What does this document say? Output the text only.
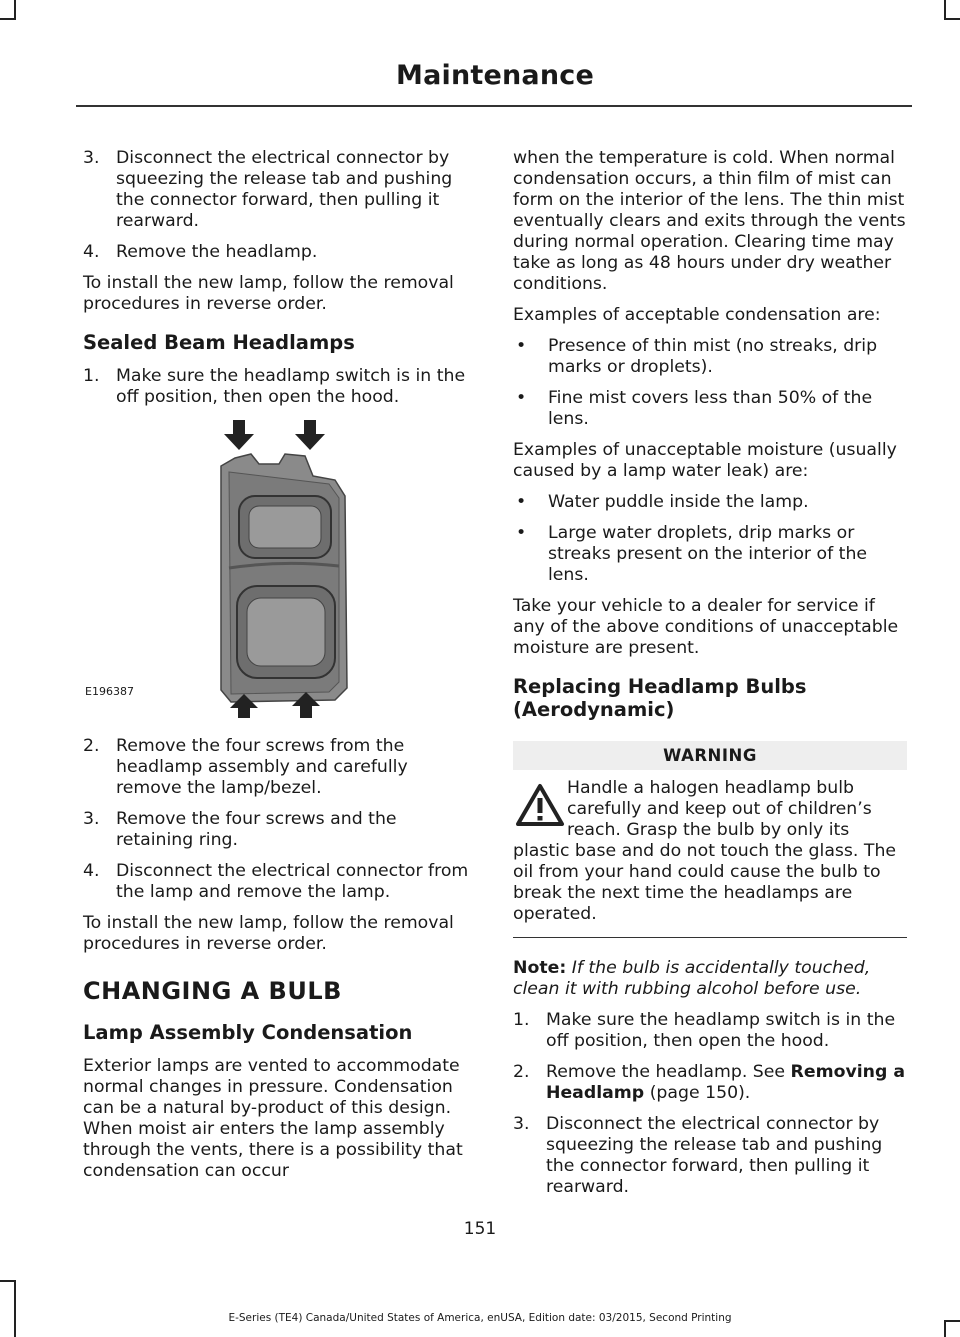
Maintenance
3. Disconnect the electrical connector by squeezing the release tab and pushing the connector forward, then pulling it rearward.
4. Remove the headlamp.

To install the new lamp, follow the removal procedures in reverse order.

Sealed Beam Headlamps
1. Make sure the headlamp switch is in the off position, then open the hood.
E196387
2. Remove the four screws from the headlamp assembly and carefully remove the lamp/bezel.
3. Remove the four screws and the retaining ring.
4. Disconnect the electrical connector from the lamp and remove the lamp.

To install the new lamp, follow the removal procedures in reverse order.

CHANGING A BULB
Lamp Assembly Condensation

Exterior lamps are vented to accommodate normal changes in pressure. Condensation can be a natural by-product of this design. When moist air enters the lamp assembly through the vents, there is a possibility that condensation can occur

when the temperature is cold. When normal condensation occurs, a thin film of mist can form on the interior of the lens. The thin mist eventually clears and exits through the vents during normal operation. Clearing time may take as long as 48 hours under dry weather conditions.

Examples of acceptable condensation are:

• Presence of thin mist (no streaks, drip marks or droplets).
• Fine mist covers less than 50% of the lens.

Examples of unacceptable moisture (usually caused by a lamp water leak) are:

• Water puddle inside the lamp.
• Large water droplets, drip marks or streaks present on the interior of the lens.

Take your vehicle to a dealer for service if any of the above conditions of unacceptable moisture are present.

Replacing Headlamp Bulbs (Aerodynamic)
WARNING

Handle a halogen headlamp bulb carefully and keep out of children’s reach. Grasp the bulb by only its plastic base and do not touch the glass. The oil from your hand could cause the bulb to break the next time the headlamps are operated.

Note: If the bulb is accidentally touched, clean it with rubbing alcohol before use.

1. Make sure the headlamp switch is in the off position, then open the hood.
2. Remove the headlamp. See Removing a Headlamp (page 150).
3. Disconnect the electrical connector by squeezing the release tab and pushing the connector forward, then pulling it rearward.
151
E-Series (TE4) Canada/United States of America, enUSA, Edition date: 03/2015, Second Printing
